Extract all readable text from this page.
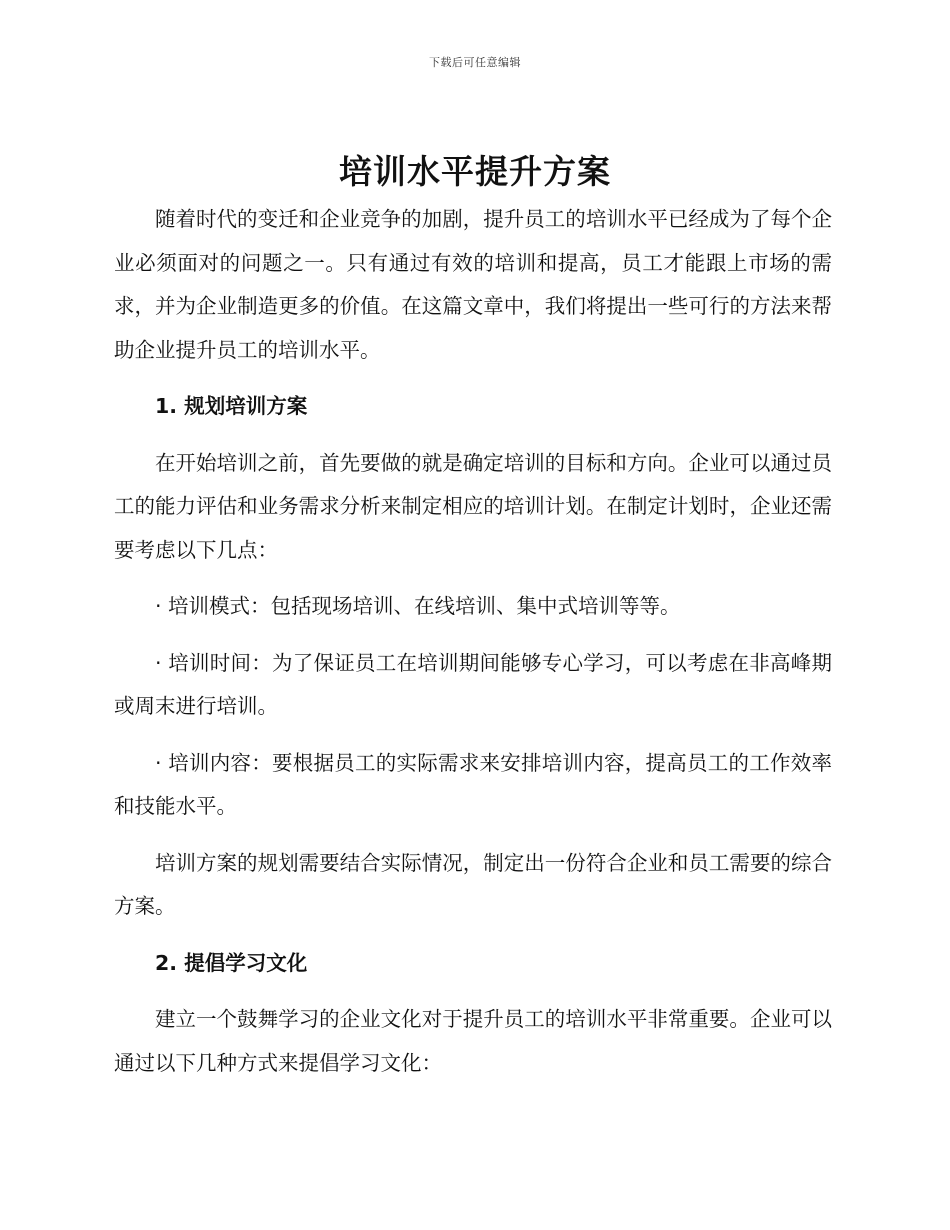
下载后可任意编辑
培训水平提升方案

随着时代的变迁和企业竞争的加剧，提升员工的培训水平已经成为了每个企业必须面对的问题之一。只有通过有效的培训和提高，员工才能跟上市场的需求，并为企业制造更多的价值。在这篇文章中，我们将提出一些可行的方法来帮助企业提升员工的培训水平。

1. 规划培训方案

在开始培训之前，首先要做的就是确定培训的目标和方向。企业可以通过员工的能力评估和业务需求分析来制定相应的培训计划。在制定计划时，企业还需要考虑以下几点：

· 培训模式：包括现场培训、在线培训、集中式培训等等。

· 培训时间：为了保证员工在培训期间能够专心学习，可以考虑在非高峰期或周末进行培训。

· 培训内容：要根据员工的实际需求来安排培训内容，提高员工的工作效率和技能水平。

培训方案的规划需要结合实际情况，制定出一份符合企业和员工需要的综合方案。

2. 提倡学习文化

建立一个鼓舞学习的企业文化对于提升员工的培训水平非常重要。企业可以通过以下几种方式来提倡学习文化：
